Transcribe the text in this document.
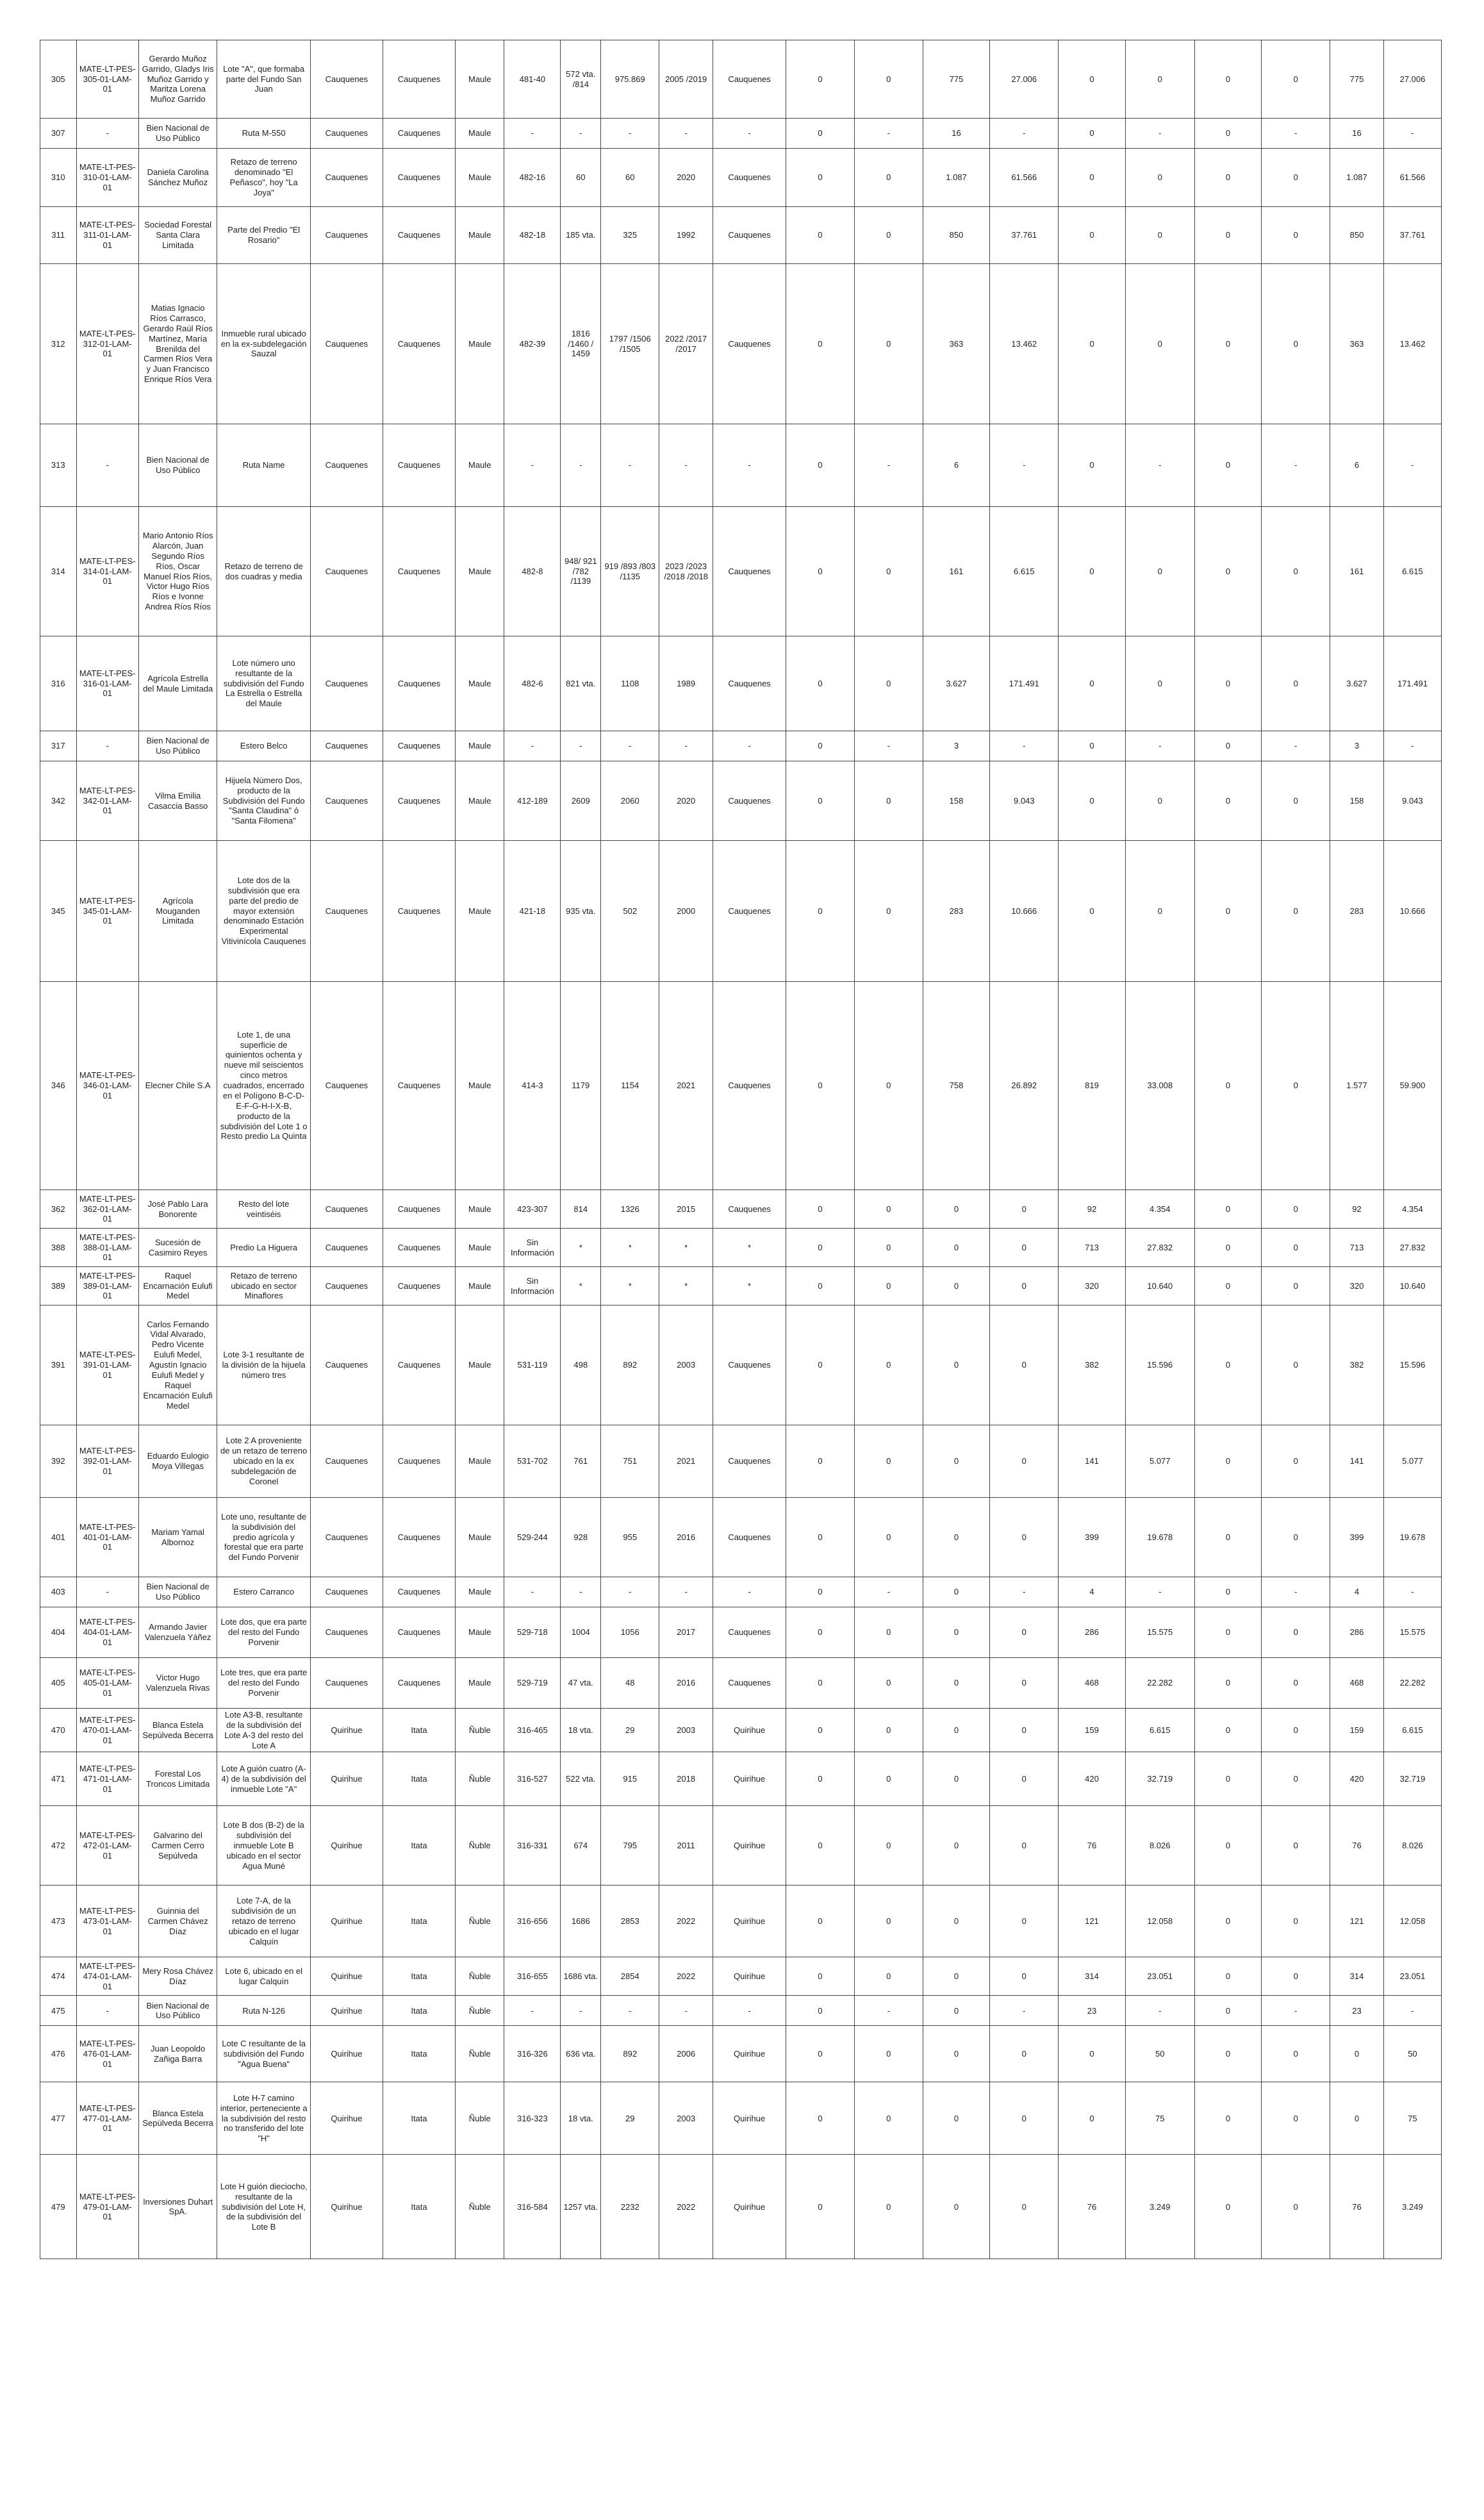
305	MATE-LT-PES-305-01-LAM-01	Gerardo Muñoz Garrido, Gladys Iris Muñoz Garrido y Maritza Lorena Muñoz Garrido	Lote "A", que formaba parte del Fundo San Juan	Cauquenes	Cauquenes	Maule	481-40	572 vta. /814	975.869	2005 /2019	Cauquenes	0	0	775	27.006	0	0	0	0	775	27.006
307	-	Bien Nacional de Uso Público	Ruta M-550	Cauquenes	Cauquenes	Maule	-	-	-	-	-	0	-	16	-	0	-	0	-	16	-
310	MATE-LT-PES-310-01-LAM-01	Daniela Carolina Sánchez Muñoz	Retazo de terreno denominado "El Peñasco", hoy "La Joya"	Cauquenes	Cauquenes	Maule	482-16	60	60	2020	Cauquenes	0	0	1.087	61.566	0	0	0	0	1.087	61.566
311	MATE-LT-PES-311-01-LAM-01	Sociedad Forestal Santa Clara Limitada	Parte del Predio "El Rosario"	Cauquenes	Cauquenes	Maule	482-18	185 vta.	325	1992	Cauquenes	0	0	850	37.761	0	0	0	0	850	37.761
312	MATE-LT-PES-312-01-LAM-01	Matias Ignacio Ríos Carrasco, Gerardo Raúl Ríos Martínez, María Brenilda del Carmen Ríos Vera y Juan Francisco Enrique Ríos Vera	Inmueble rural ubicado en la ex-subdelegación Sauzal	Cauquenes	Cauquenes	Maule	482-39	1816 /1460 / 1459	1797 /1506 /1505	2022 /2017 /2017	Cauquenes	0	0	363	13.462	0	0	0	0	363	13.462
313	-	Bien Nacional de Uso Público	Ruta Name	Cauquenes	Cauquenes	Maule	-	-	-	-	-	0	-	6	-	0	-	0	-	6	-
314	MATE-LT-PES-314-01-LAM-01	Mario Antonio Ríos Alarcón, Juan Segundo Ríos Ríos, Oscar Manuel Ríos Ríos, Victor Hugo Ríos Ríos e Ivonne Andrea Ríos Ríos	Retazo de terreno de dos cuadras y media	Cauquenes	Cauquenes	Maule	482-8	948/ 921 /782 /1139	919 /893 /803 /1135	2023 /2023 /2018 /2018	Cauquenes	0	0	161	6.615	0	0	0	0	161	6.615
316	MATE-LT-PES-316-01-LAM-01	Agrícola Estrella del Maule Limitada	Lote número uno resultante de la subdivisión del Fundo La Estrella o Estrella del Maule	Cauquenes	Cauquenes	Maule	482-6	821 vta.	1108	1989	Cauquenes	0	0	3.627	171.491	0	0	0	0	3.627	171.491
317	-	Bien Nacional de Uso Público	Estero Belco	Cauquenes	Cauquenes	Maule	-	-	-	-	-	0	-	3	-	0	-	0	-	3	-
342	MATE-LT-PES-342-01-LAM-01	Vilma Emilia Casaccia Basso	Hijuela Número Dos, producto de la Subdivisión del Fundo "Santa Claudina" ó "Santa Filomena"	Cauquenes	Cauquenes	Maule	412-189	2609	2060	2020	Cauquenes	0	0	158	9.043	0	0	0	0	158	9.043
345	MATE-LT-PES-345-01-LAM-01	Agrícola Mouganden Limitada	Lote dos de la subdivisión que era parte del predio de mayor extensión denominado Estación Experimental Vitivinícola Cauquenes	Cauquenes	Cauquenes	Maule	421-18	935 vta.	502	2000	Cauquenes	0	0	283	10.666	0	0	0	0	283	10.666
346	MATE-LT-PES-346-01-LAM-01	Elecner Chile S.A	Lote 1, de una superficie de quinientos ochenta y nueve mil seiscientos cinco metros cuadrados, encerrado en el Polígono B-C-D-E-F-G-H-I-X-B, producto de la subdivisión del Lote 1 o Resto predio La Quinta	Cauquenes	Cauquenes	Maule	414-3	1179	1154	2021	Cauquenes	0	0	758	26.892	819	33.008	0	0	1.577	59.900
362	MATE-LT-PES-362-01-LAM-01	José Pablo Lara Bonorente	Resto del lote veintiséis	Cauquenes	Cauquenes	Maule	423-307	814	1326	2015	Cauquenes	0	0	0	0	92	4.354	0	0	92	4.354
388	MATE-LT-PES-388-01-LAM-01	Sucesión de Casimiro Reyes	Predio La Higuera	Cauquenes	Cauquenes	Maule	Sin Información	*	*	*	*	0	0	0	0	713	27.832	0	0	713	27.832
389	MATE-LT-PES-389-01-LAM-01	Raquel Encarnación Eulufi Medel	Retazo de terreno ubicado en sector Minaflores	Cauquenes	Cauquenes	Maule	Sin Información	*	*	*	*	0	0	0	0	320	10.640	0	0	320	10.640
391	MATE-LT-PES-391-01-LAM-01	Carlos Fernando Vidal Alvarado, Pedro Vicente Eulufi Medel, Agustín Ignacio Eulufi Medel y Raquel Encarnación Eulufi Medel	Lote 3-1 resultante de la división de la hijuela número tres	Cauquenes	Cauquenes	Maule	531-119	498	892	2003	Cauquenes	0	0	0	0	382	15.596	0	0	382	15.596
392	MATE-LT-PES-392-01-LAM-01	Eduardo Eulogio Moya Villegas	Lote 2 A proveniente de un retazo de terreno ubicado en la ex subdelegación de Coronel	Cauquenes	Cauquenes	Maule	531-702	761	751	2021	Cauquenes	0	0	0	0	141	5.077	0	0	141	5.077
401	MATE-LT-PES-401-01-LAM-01	Mariam Yamal Albornoz	Lote uno, resultante de la subdivisión del predio agrícola y forestal que era parte del Fundo Porvenir	Cauquenes	Cauquenes	Maule	529-244	928	955	2016	Cauquenes	0	0	0	0	399	19.678	0	0	399	19.678
403	-	Bien Nacional de Uso Público	Estero Carranco	Cauquenes	Cauquenes	Maule	-	-	-	-	-	0	-	0	-	4	-	0	-	4	-
404	MATE-LT-PES-404-01-LAM-01	Armando Javier Valenzuela Yáñez	Lote dos, que era parte del resto del Fundo Porvenir	Cauquenes	Cauquenes	Maule	529-718	1004	1056	2017	Cauquenes	0	0	0	0	286	15.575	0	0	286	15.575
405	MATE-LT-PES-405-01-LAM-01	Victor Hugo Valenzuela Rivas	Lote tres, que era parte del resto del Fundo Porvenir	Cauquenes	Cauquenes	Maule	529-719	47 vta.	48	2016	Cauquenes	0	0	0	0	468	22.282	0	0	468	22.282
470	MATE-LT-PES-470-01-LAM-01	Blanca Estela Sepúlveda Becerra	Lote A3-B, resultante de la subdivisión del Lote A-3 del resto del Lote A	Quirihue	Itata	Ñuble	316-465	18 vta.	29	2003	Quirihue	0	0	0	0	159	6.615	0	0	159	6.615
471	MATE-LT-PES-471-01-LAM-01	Forestal Los Troncos Limitada	Lote A guión cuatro (A-4) de la subdivisión del inmueble Lote "A"	Quirihue	Itata	Ñuble	316-527	522 vta.	915	2018	Quirihue	0	0	0	0	420	32.719	0	0	420	32.719
472	MATE-LT-PES-472-01-LAM-01	Galvarino del Carmen Cerro Sepúlveda	Lote B dos (B-2) de la subdivisión del inmueble Lote B ubicado en el sector Agua Muné	Quirihue	Itata	Ñuble	316-331	674	795	2011	Quirihue	0	0	0	0	76	8.026	0	0	76	8.026
473	MATE-LT-PES-473-01-LAM-01	Guinnia del Carmen Chávez Díaz	Lote 7-A, de la subdivisión de un retazo de terreno ubicado en el lugar Calquín	Quirihue	Itata	Ñuble	316-656	1686	2853	2022	Quirihue	0	0	0	0	121	12.058	0	0	121	12.058
474	MATE-LT-PES-474-01-LAM-01	Mery Rosa Chávez Díaz	Lote 6, ubicado en el lugar Calquín	Quirihue	Itata	Ñuble	316-655	1686 vta.	2854	2022	Quirihue	0	0	0	0	314	23.051	0	0	314	23.051
475	-	Bien Nacional de Uso Público	Ruta N-126	Quirihue	Itata	Ñuble	-	-	-	-	-	0	-	0	-	23	-	0	-	23	-
476	MATE-LT-PES-476-01-LAM-01	Juan Leopoldo Zañiga Barra	Lote C resultante de la subdivisión del Fundo "Agua Buena"	Quirihue	Itata	Ñuble	316-326	636 vta.	892	2006	Quirihue	0	0	0	0	0	50	0	0	0	50
477	MATE-LT-PES-477-01-LAM-01	Blanca Estela Sepúlveda Becerra	Lote H-7 camino interior, perteneciente a la subdivisión del resto no transferido del lote "H"	Quirihue	Itata	Ñuble	316-323	18 vta.	29	2003	Quirihue	0	0	0	0	0	75	0	0	0	75
479	MATE-LT-PES-479-01-LAM-01	Inversiones Duhart SpA.	Lote H guión dieciocho, resultante de la subdivisión del Lote H, de la subdivisión del Lote B	Quirihue	Itata	Ñuble	316-584	1257 vta.	2232	2022	Quirihue	0	0	0	0	76	3.249	0	0	76	3.249
